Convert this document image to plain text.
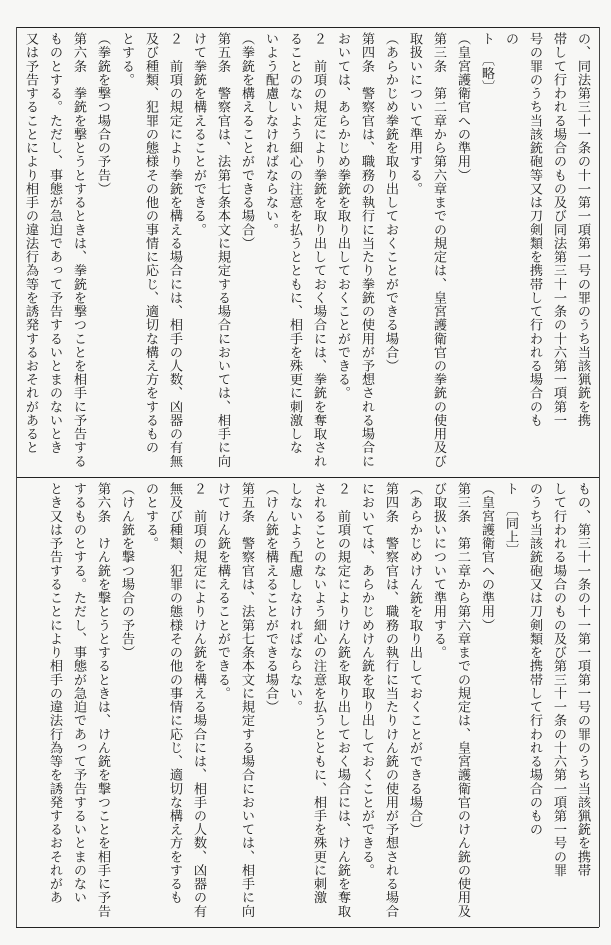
の、同法第三十一条の十一第一項第一号の罪のうち当該猟銃を携
帯して行われる場合のもの及び同法第三十一条の十六第一項第一
号の罪のうち当該銃砲等又は刀剣類を携帯して行われる場合のも
の
ト　〔略〕
（皇宮護衛官への準用）
第三条　第二章から第六章までの規定は、皇宮護衛官の拳銃の使用及び
取扱いについて準用する。
（あらかじめ拳銃を取り出しておくことができる場合）
第四条　警察官は、職務の執行に当たり拳銃の使用が予想される場合に
おいては、あらかじめ拳銃を取り出しておくことができる。
２　前項の規定により拳銃を取り出しておく場合には、拳銃を奪取され
ることのないよう細心の注意を払うとともに、相手を殊更に刺激しな
いよう配慮しなければならない。
（拳銃を構えることができる場合）
第五条　警察官は、法第七条本文に規定する場合においては、相手に向
けて拳銃を構えることができる。
２　前項の規定により拳銃を構える場合には、相手の人数、凶器の有無
及び種類、犯罪の態様その他の事情に応じ、適切な構え方をするもの
とする。
（拳銃を撃つ場合の予告）
第六条　拳銃を撃とうとするときは、拳銃を撃つことを相手に予告する
ものとする。ただし、事態が急迫であって予告するいとまのないとき
又は予告することにより相手の違法行為等を誘発するおそれがあると
もの、第三十一条の十一第一項第一号の罪のうち当該猟銃を携帯
して行われる場合のもの及び第三十一条の十六第一項第一号の罪
のうち当該銃砲又は刀剣類を携帯して行われる場合のもの
ト　〔同上〕
（皇宮護衛官への準用）
第三条　第二章から第六章までの規定は、皇宮護衛官のけん銃の使用及
び取扱いについて準用する。
（あらかじめけん銃を取り出しておくことができる場合）
第四条　警察官は、職務の執行に当たりけん銃の使用が予想される場合
においては、あらかじめけん銃を取り出しておくことができる。
２　前項の規定によりけん銃を取り出しておく場合には、けん銃を奪取
されることのないよう細心の注意を払うとともに、相手を殊更に刺激
しないよう配慮しなければならない。
（けん銃を構えることができる場合）
第五条　警察官は、法第七条本文に規定する場合においては、相手に向
けてけん銃を構えることができる。
２　前項の規定によりけん銃を構える場合には、相手の人数、凶器の有
無及び種類、犯罪の態様その他の事情に応じ、適切な構え方をするも
のとする。
（けん銃を撃つ場合の予告）
第六条　けん銃を撃とうとするときは、けん銃を撃つことを相手に予告
するものとする。ただし、事態が急迫であって予告するいとまのない
とき又は予告することにより相手の違法行為等を誘発するおそれがあ
